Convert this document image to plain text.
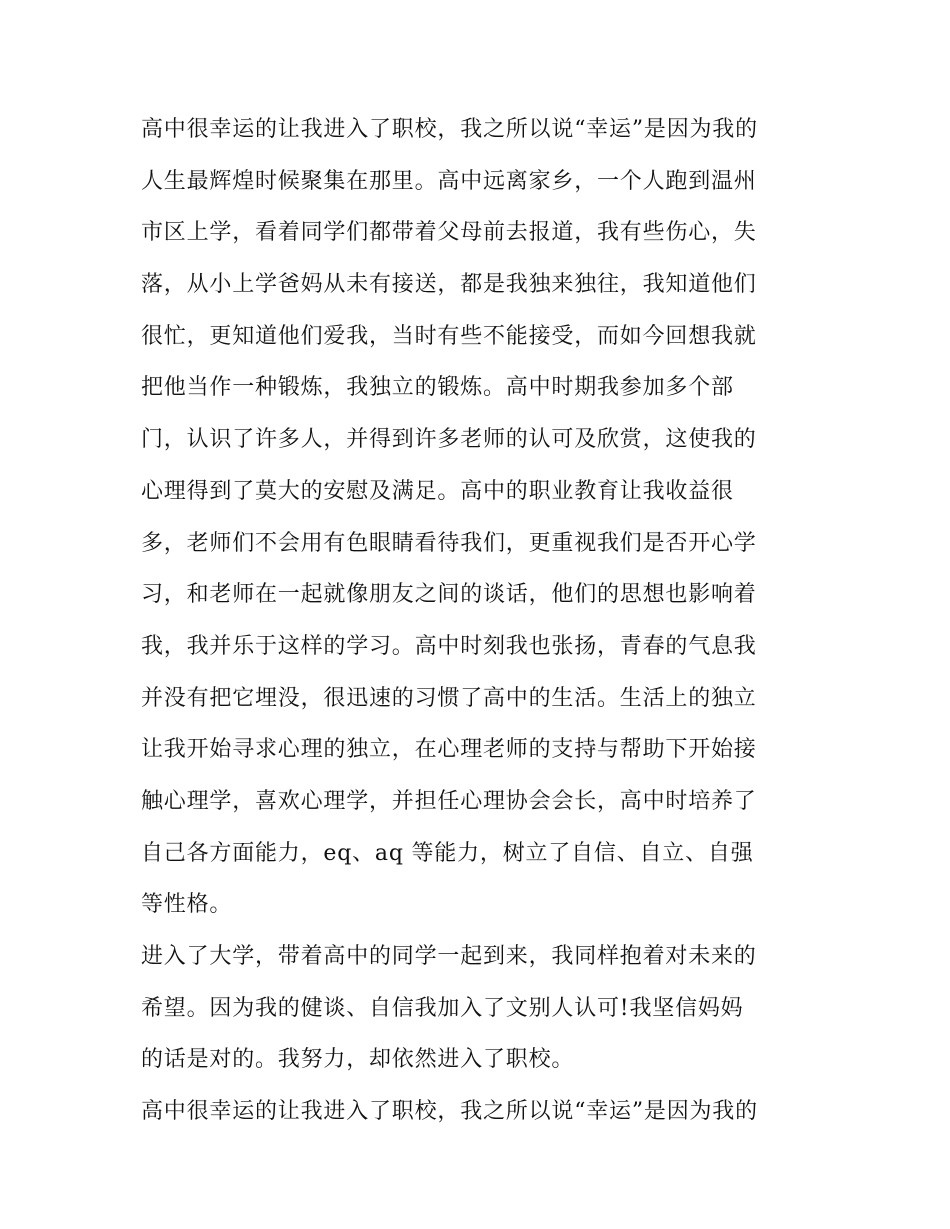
高中很幸运的让我进入了职校，我之所以说“幸运”是因为我的
人生最辉煌时候聚集在那里。高中远离家乡，一个人跑到温州
市区上学，看着同学们都带着父母前去报道，我有些伤心，失
落，从小上学爸妈从未有接送，都是我独来独往，我知道他们
很忙，更知道他们爱我，当时有些不能接受，而如今回想我就
把他当作一种锻炼，我独立的锻炼。高中时期我参加多个部
门，认识了许多人，并得到许多老师的认可及欣赏，这使我的
心理得到了莫大的安慰及满足。高中的职业教育让我收益很
多，老师们不会用有色眼睛看待我们，更重视我们是否开心学
习，和老师在一起就像朋友之间的谈话，他们的思想也影响着
我，我并乐于这样的学习。高中时刻我也张扬，青春的气息我
并没有把它埋没，很迅速的习惯了高中的生活。生活上的独立
让我开始寻求心理的独立，在心理老师的支持与帮助下开始接
触心理学，喜欢心理学，并担任心理协会会长，高中时培养了
自己各方面能力，eq、aq 等能力，树立了自信、自立、自强
等性格。
进入了大学，带着高中的同学一起到来，我同样抱着对未来的
希望。因为我的健谈、自信我加入了文别人认可!我坚信妈妈
的话是对的。我努力，却依然进入了职校。
高中很幸运的让我进入了职校，我之所以说“幸运”是因为我的
